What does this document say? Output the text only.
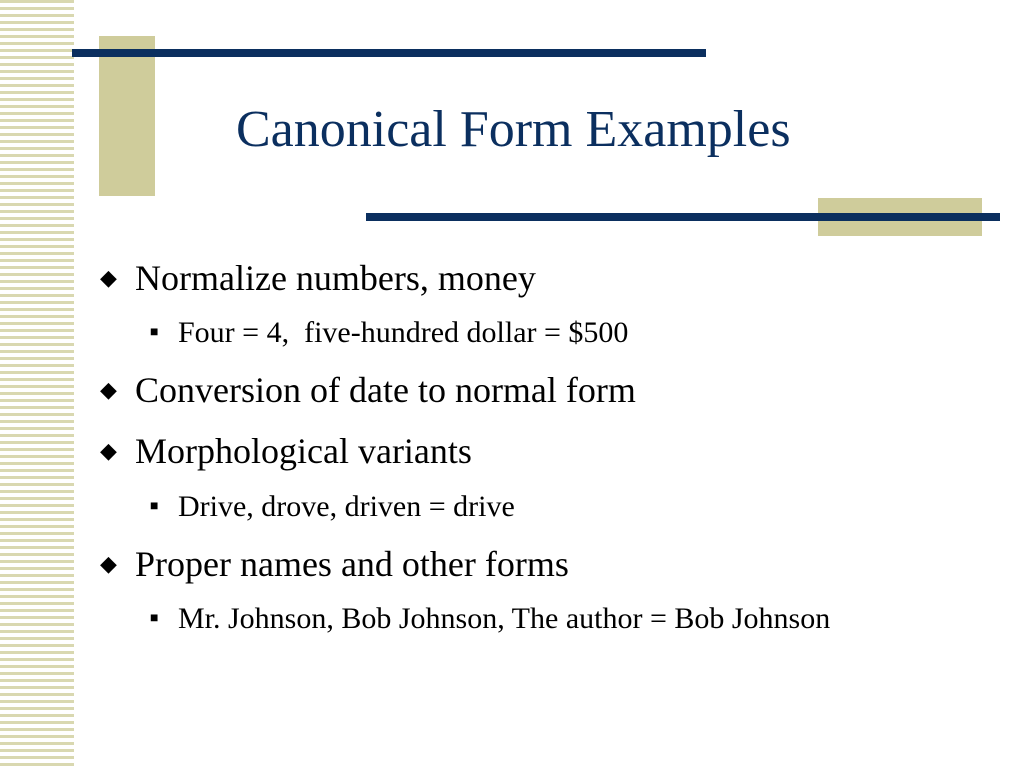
Canonical Form Examples
◆ Normalize numbers, money
■ Four = 4,  five-hundred dollar = $500
◆ Conversion of date to normal form
◆ Morphological variants
■ Drive, drove, driven = drive
◆ Proper names and other forms
■ Mr. Johnson, Bob Johnson, The author = Bob Johnson
